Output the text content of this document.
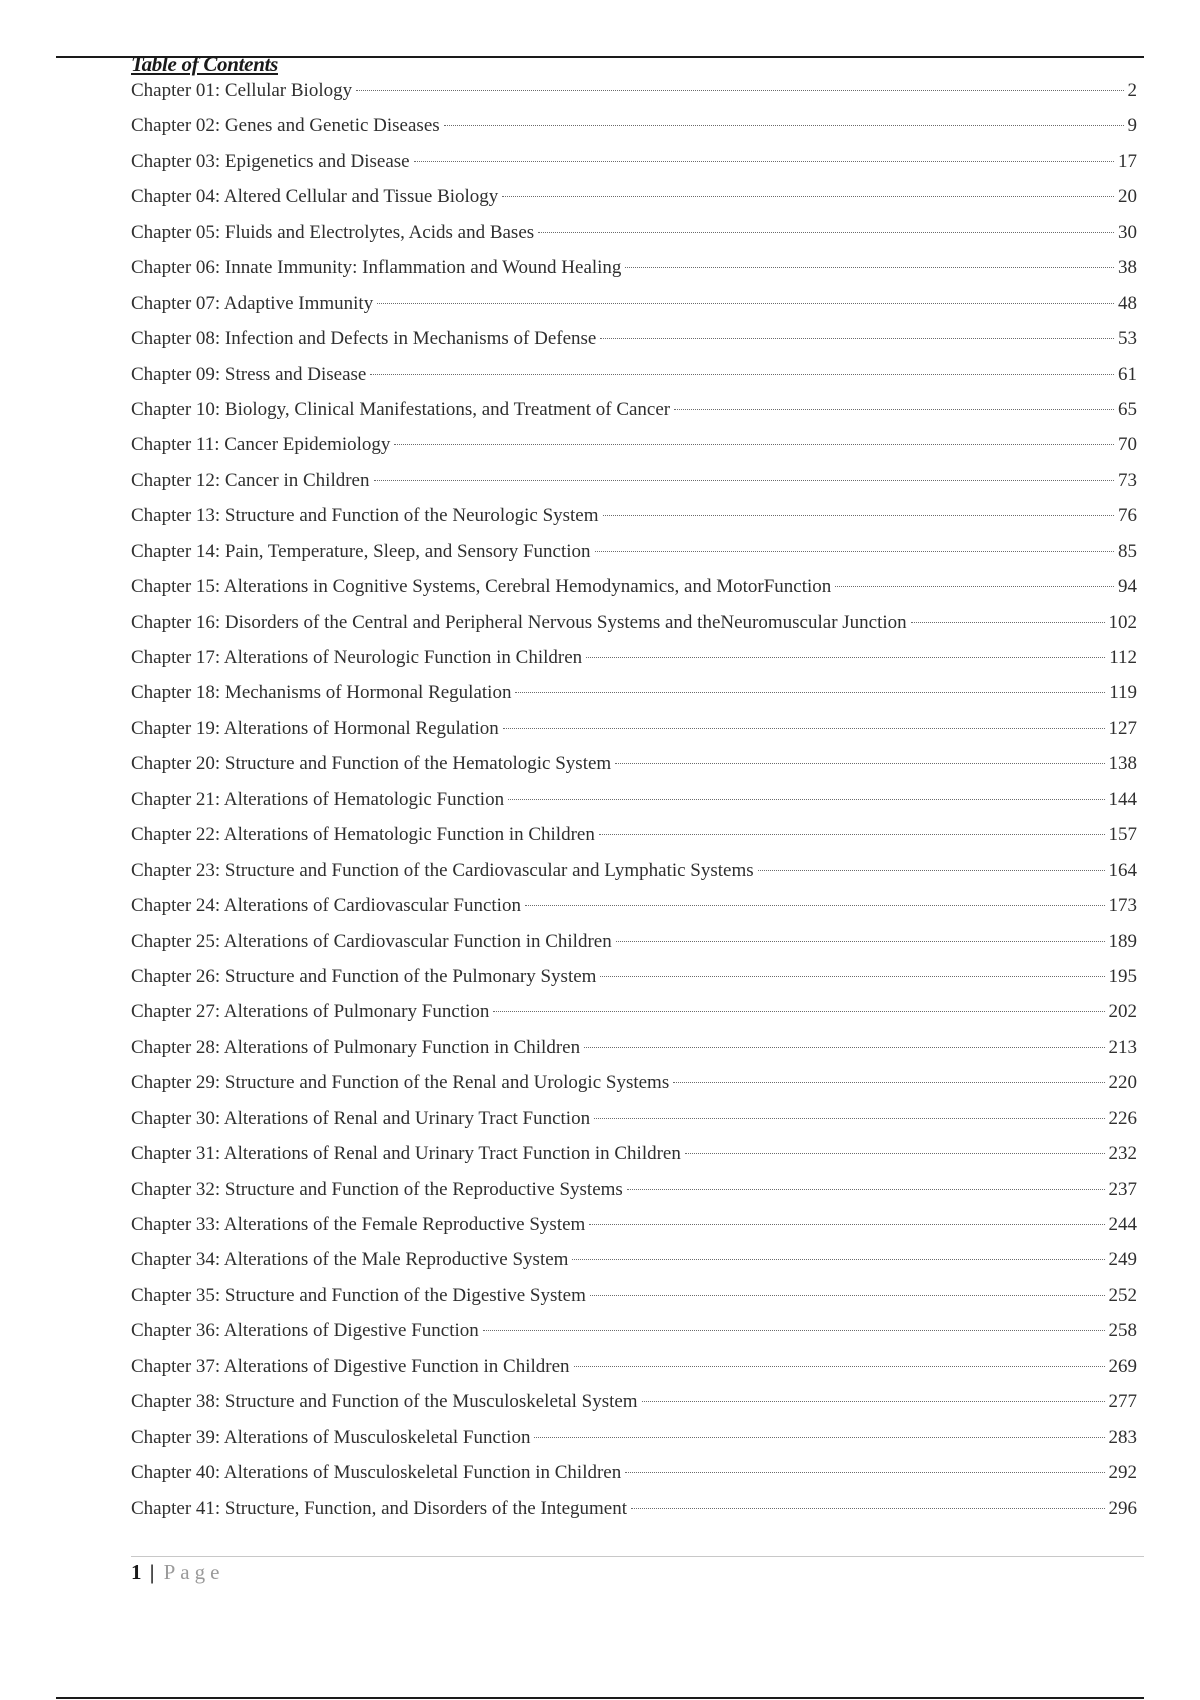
Table of Contents
Chapter 01: Cellular Biology	2
Chapter 02: Genes and Genetic Diseases	9
Chapter 03: Epigenetics and Disease	17
Chapter 04: Altered Cellular and Tissue Biology	20
Chapter 05: Fluids and Electrolytes, Acids and Bases	30
Chapter 06: Innate Immunity: Inflammation and Wound Healing	38
Chapter 07: Adaptive Immunity	48
Chapter 08: Infection and Defects in Mechanisms of Defense	53
Chapter 09: Stress and Disease	61
Chapter 10: Biology, Clinical Manifestations, and Treatment of Cancer	65
Chapter 11: Cancer Epidemiology	70
Chapter 12: Cancer in Children	73
Chapter 13: Structure and Function of the Neurologic System	76
Chapter 14: Pain, Temperature, Sleep, and Sensory Function	85
Chapter 15: Alterations in Cognitive Systems, Cerebral Hemodynamics, and MotorFunction	94
Chapter 16: Disorders of the Central and Peripheral Nervous Systems and theNeuromuscular Junction	102
Chapter 17: Alterations of Neurologic Function in Children	112
Chapter 18: Mechanisms of Hormonal Regulation	119
Chapter 19: Alterations of Hormonal Regulation	127
Chapter 20: Structure and Function of the Hematologic System	138
Chapter 21: Alterations of Hematologic Function	144
Chapter 22: Alterations of Hematologic Function in Children	157
Chapter 23: Structure and Function of the Cardiovascular and Lymphatic Systems	164
Chapter 24: Alterations of Cardiovascular Function	173
Chapter 25: Alterations of Cardiovascular Function in Children	189
Chapter 26: Structure and Function of the Pulmonary System	195
Chapter 27: Alterations of Pulmonary Function	202
Chapter 28: Alterations of Pulmonary Function in Children	213
Chapter 29: Structure and Function of the Renal and Urologic Systems	220
Chapter 30: Alterations of Renal and Urinary Tract Function	226
Chapter 31: Alterations of Renal and Urinary Tract Function in Children	232
Chapter 32: Structure and Function of the Reproductive Systems	237
Chapter 33: Alterations of the Female Reproductive System	244
Chapter 34: Alterations of the Male Reproductive System	249
Chapter 35: Structure and Function of the Digestive System	252
Chapter 36: Alterations of Digestive Function	258
Chapter 37: Alterations of Digestive Function in Children	269
Chapter 38: Structure and Function of the Musculoskeletal System	277
Chapter 39: Alterations of Musculoskeletal Function	283
Chapter 40: Alterations of Musculoskeletal Function in Children	292
Chapter 41: Structure, Function, and Disorders of the Integument	296
1 | Page
